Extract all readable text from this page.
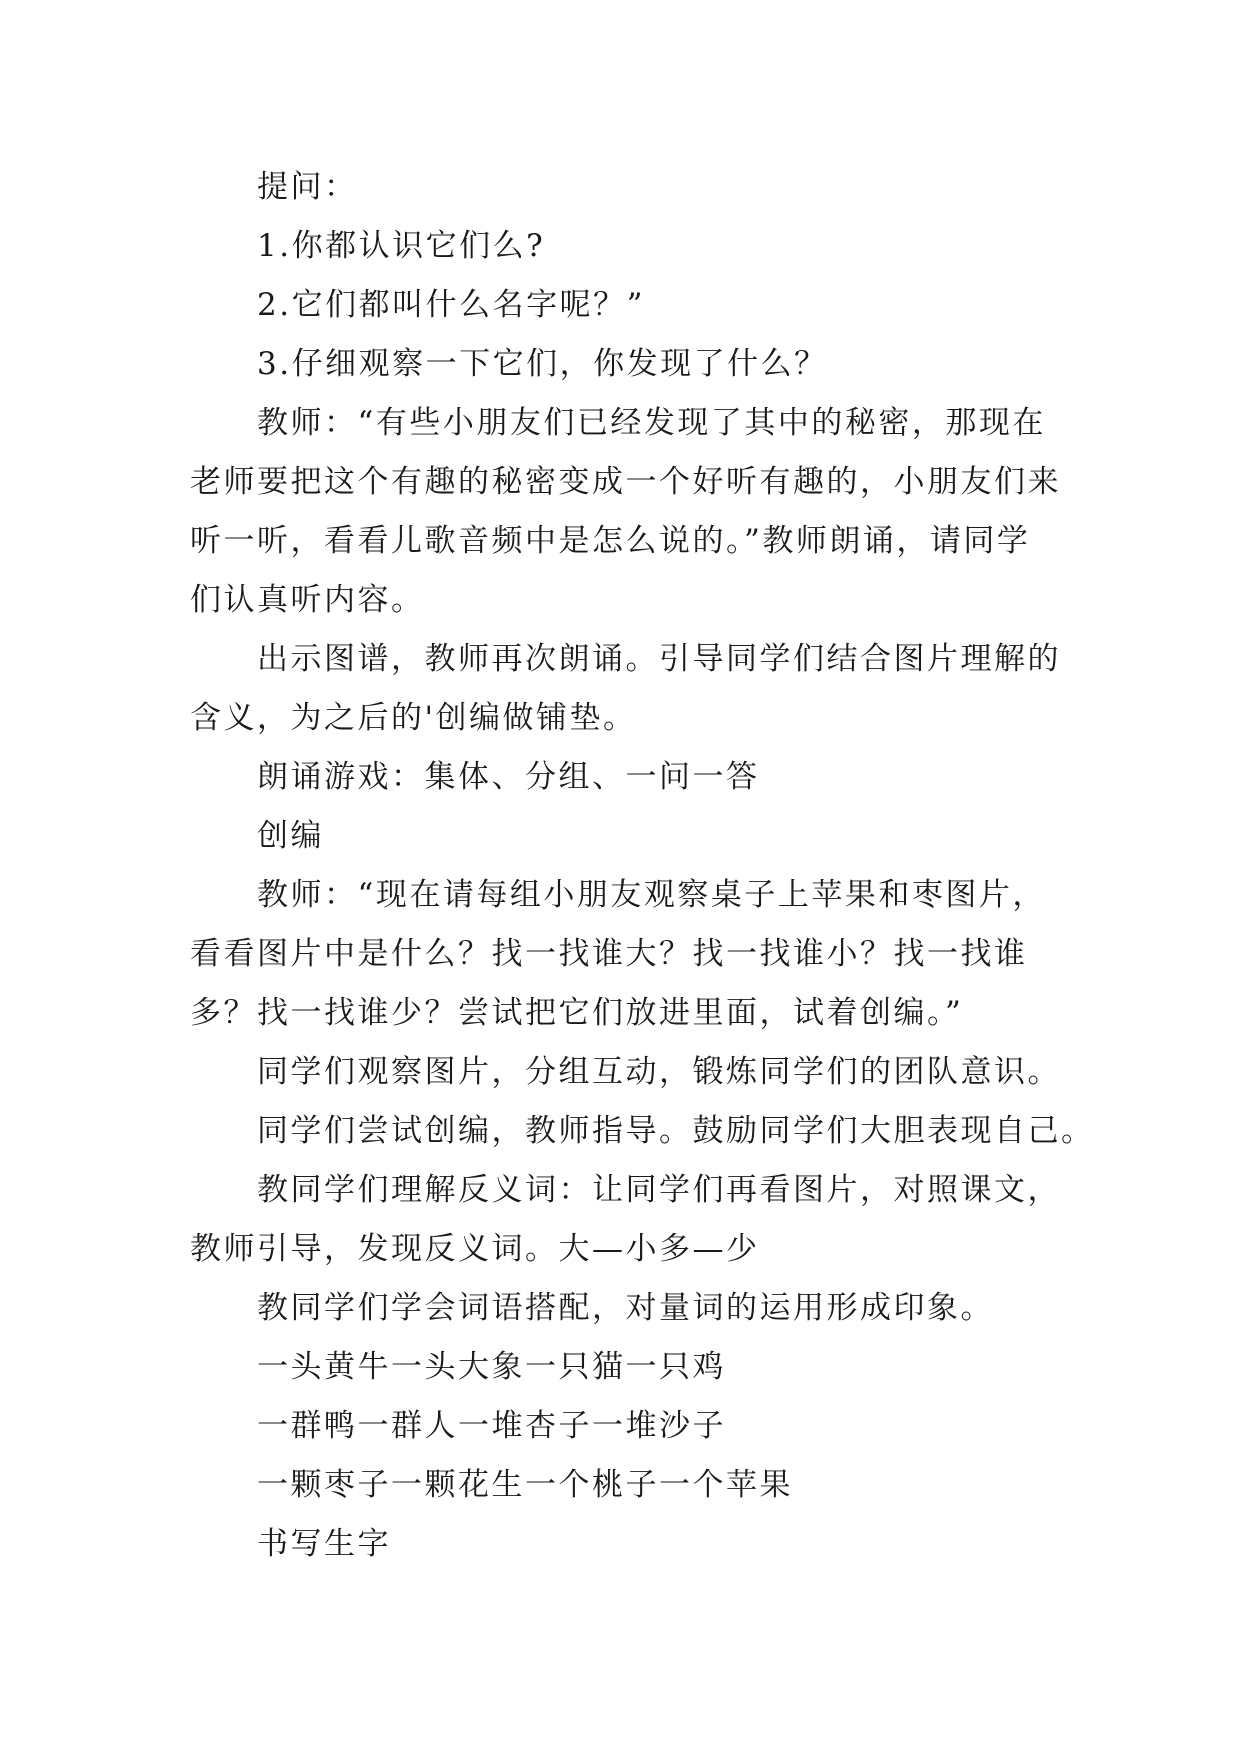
提问：

1.你都认识它们么?

2.它们都叫什么名字呢？”

3.仔细观察一下它们，你发现了什么？

教师：“有些小朋友们已经发现了其中的秘密，那现在

老师要把这个有趣的秘密变成一个好听有趣的，小朋友们来

听一听，看看儿歌音频中是怎么说的。”教师朗诵，请同学

们认真听内容。

出示图谱，教师再次朗诵。引导同学们结合图片理解的

含义，为之后的'创编做铺垫。

朗诵游戏：集体、分组、一问一答

创编

教师：“现在请每组小朋友观察桌子上苹果和枣图片，

看看图片中是什么？找一找谁大？找一找谁小？找一找谁

多？找一找谁少？尝试把它们放进里面，试着创编。”

同学们观察图片，分组互动，锻炼同学们的团队意识。

同学们尝试创编，教师指导。鼓励同学们大胆表现自己。

教同学们理解反义词：让同学们再看图片，对照课文，

教师引导，发现反义词。大—小多—少

教同学们学会词语搭配，对量词的运用形成印象。

一头黄牛一头大象一只猫一只鸡

一群鸭一群人一堆杏子一堆沙子

一颗枣子一颗花生一个桃子一个苹果

书写生字
